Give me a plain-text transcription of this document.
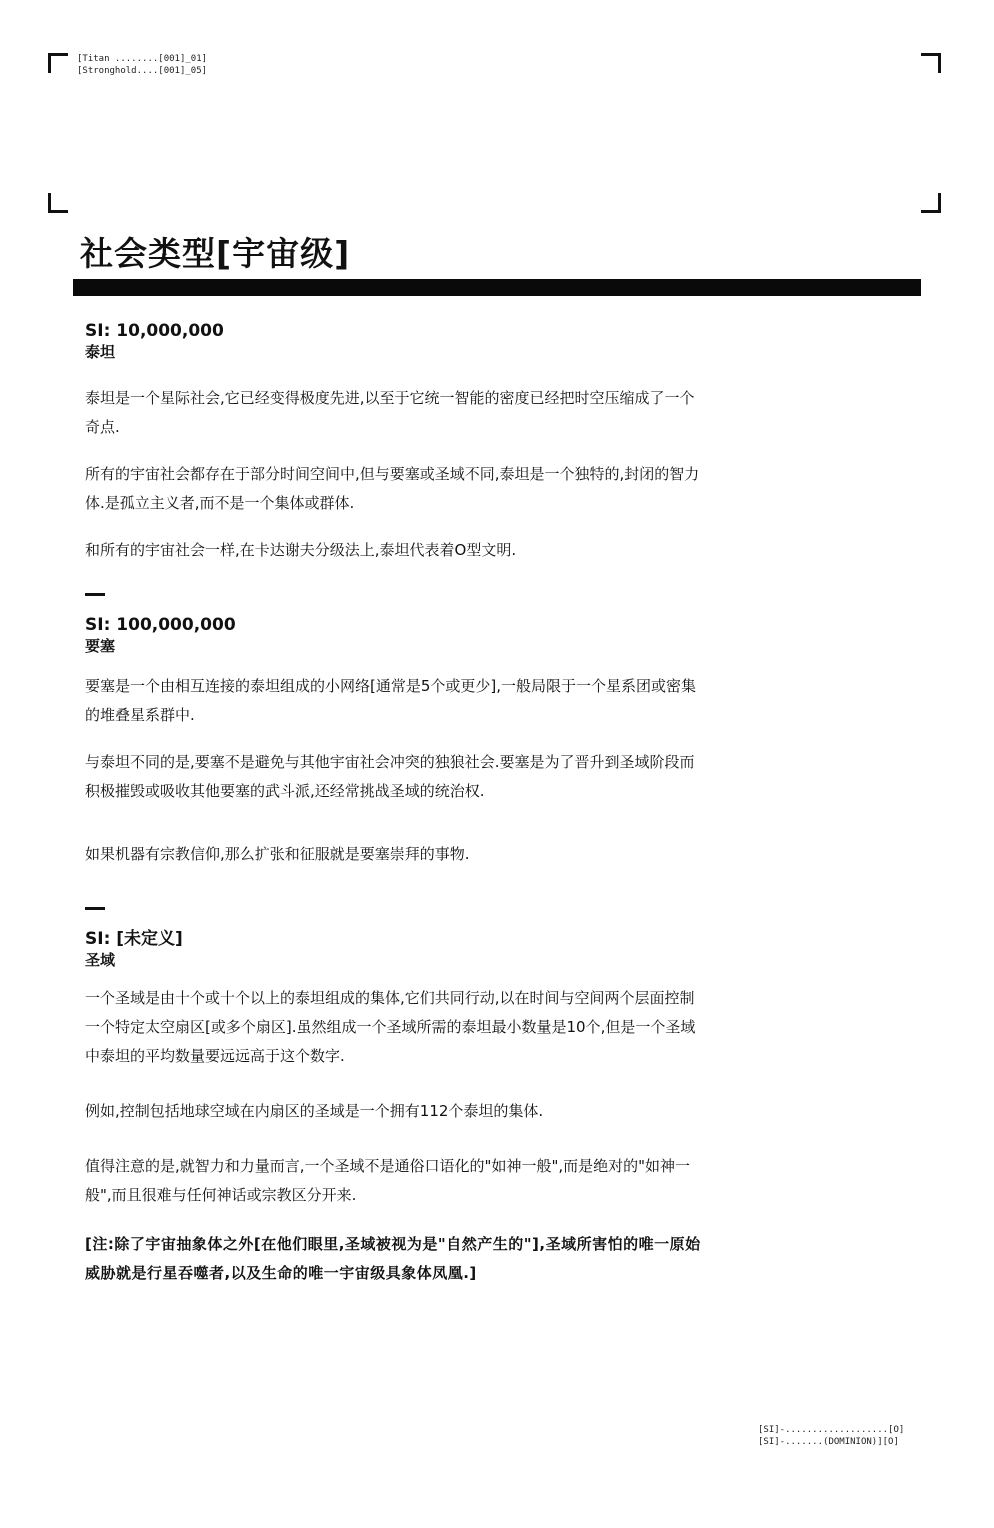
[Titan ........[001]_01]
[Stronghold....[001]_05]
社会类型[宇宙级]
SI: 10,000,000
泰坦

泰坦是一个星际社会,它已经变得极度先进,以至于它统一智能的密度已经把时空压缩成了一个奇点.

所有的宇宙社会都存在于部分时间空间中,但与要塞或圣域不同,泰坦是一个独特的,封闭的智力体.是孤立主义者,而不是一个集体或群体.

和所有的宇宙社会一样,在卡达谢夫分级法上,泰坦代表着O型文明.

SI: 100,000,000
要塞

要塞是一个由相互连接的泰坦组成的小网络[通常是5个或更少],一般局限于一个星系团或密集的堆叠星系群中.

与泰坦不同的是,要塞不是避免与其他宇宙社会冲突的独狼社会.要塞是为了晋升到圣域阶段而积极摧毁或吸收其他要塞的武斗派,还经常挑战圣域的统治权.

如果机器有宗教信仰,那么扩张和征服就是要塞崇拜的事物.

SI: [未定义]
圣域

一个圣域是由十个或十个以上的泰坦组成的集体,它们共同行动,以在时间与空间两个层面控制一个特定太空扇区[或多个扇区].虽然组成一个圣域所需的泰坦最小数量是10个,但是一个圣域中泰坦的平均数量要远远高于这个数字.

例如,控制包括地球空域在内扇区的圣域是一个拥有112个泰坦的集体.

值得注意的是,就智力和力量而言,一个圣域不是通俗口语化的"如神一般",而是绝对的"如神一般",而且很难与任何神话或宗教区分开来.

[注:除了宇宙抽象体之外[在他们眼里,圣域被视为是"自然产生的"],圣域所害怕的唯一原始威胁就是行星吞噬者,以及生命的唯一宇宙级具象体凤凰.]

[SI]-...................[O]
[SI]-.......(DOMINION)][O]
